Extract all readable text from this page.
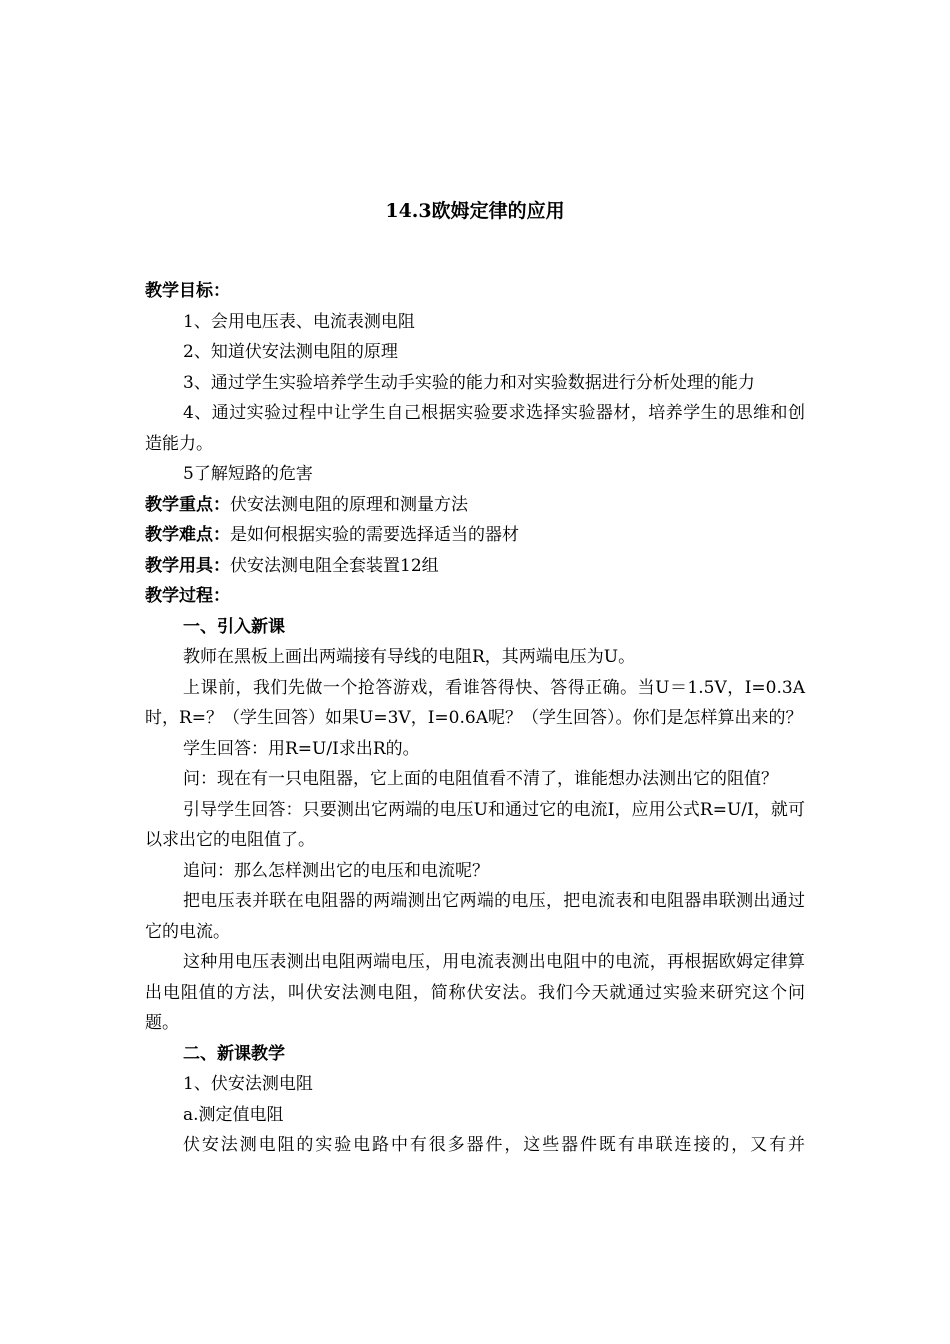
14.3欧姆定律的应用

教学目标：

1、会用电压表、电流表测电阻

2、知道伏安法测电阻的原理

3、通过学生实验培养学生动手实验的能力和对实验数据进行分析处理的能力

4、通过实验过程中让学生自己根据实验要求选择实验器材，培养学生的思维和创造能力。

5了解短路的危害

教学重点：伏安法测电阻的原理和测量方法

教学难点：是如何根据实验的需要选择适当的器材

教学用具：伏安法测电阻全套装置12组

教学过程：

一、引入新课

教师在黑板上画出两端接有导线的电阻R，其两端电压为U。

上课前，我们先做一个抢答游戏，看谁答得快、答得正确。当U＝1.5V，I=0.3A时，R=？（学生回答）如果U=3V，I=0.6A呢？（学生回答）。你们是怎样算出来的？

学生回答：用R=U/I求出R的。

问：现在有一只电阻器，它上面的电阻值看不清了，谁能想办法测出它的阻值？

引导学生回答：只要测出它两端的电压U和通过它的电流I，应用公式R=U/I，就可以求出它的电阻值了。

追问：那么怎样测出它的电压和电流呢？

把电压表并联在电阻器的两端测出它两端的电压，把电流表和电阻器串联测出通过它的电流。

这种用电压表测出电阻两端电压，用电流表测出电阻中的电流，再根据欧姆定律算出电阻值的方法，叫伏安法测电阻，简称伏安法。我们今天就通过实验来研究这个问题。

二、新课教学

1、伏安法测电阻

a.测定值电阻

伏安法测电阻的实验电路中有很多器件，这些器件既有串联连接的，又有并
